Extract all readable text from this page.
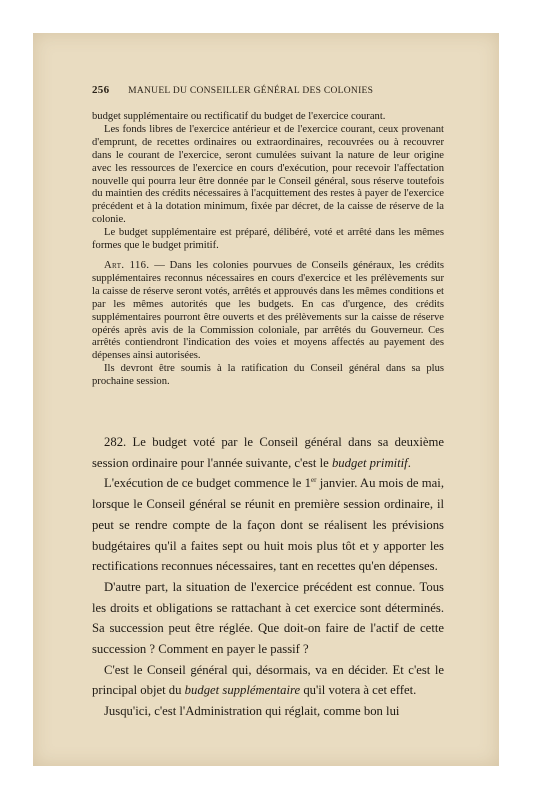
256 MANUEL DU CONSEILLER GÉNÉRAL DES COLONIES

budget supplémentaire ou rectificatif du budget de l'exercice courant.

Les fonds libres de l'exercice antérieur et de l'exercice courant, ceux provenant d'emprunt, de recettes ordinaires ou extraordinaires, recouvrées ou à recouvrer dans le courant de l'exercice, seront cumulées suivant la nature de leur origine avec les ressources de l'exercice en cours d'exécution, pour recevoir l'affectation nouvelle qui pourra leur être donnée par le Conseil général, sous réserve toutefois du maintien des crédits nécessaires à l'acquittement des restes à payer de l'exercice précédent et à la dotation minimum, fixée par décret, de la caisse de réserve de la colonie.

Le budget supplémentaire est préparé, délibéré, voté et arrêté dans les mêmes formes que le budget primitif.

Art. 116. — Dans les colonies pourvues de Conseils généraux, les crédits supplémentaires reconnus nécessaires en cours d'exercice et les prélèvements sur la caisse de réserve seront votés, arrêtés et approuvés dans les mêmes conditions et par les mêmes autorités que les budgets. En cas d'urgence, des crédits supplémentaires pourront être ouverts et des prélèvements sur la caisse de réserve opérés après avis de la Commission coloniale, par arrêtés du Gouverneur. Ces arrêtés contiendront l'indication des voies et moyens affectés au payement des dépenses ainsi autorisées.

Ils devront être soumis à la ratification du Conseil général dans sa plus prochaine session.

282. Le budget voté par le Conseil général dans sa deuxième session ordinaire pour l'année suivante, c'est le budget primitif.

L'exécution de ce budget commence le 1er janvier. Au mois de mai, lorsque le Conseil général se réunit en première session ordinaire, il peut se rendre compte de la façon dont se réalisent les prévisions budgétaires qu'il a faites sept ou huit mois plus tôt et y apporter les rectifications reconnues nécessaires, tant en recettes qu'en dépenses.

D'autre part, la situation de l'exercice précédent est connue. Tous les droits et obligations se rattachant à cet exercice sont déterminés. Sa succession peut être réglée. Que doit-on faire de l'actif de cette succession ? Comment en payer le passif ?

C'est le Conseil général qui, désormais, va en décider. Et c'est le principal objet du budget supplémentaire qu'il votera à cet effet.

Jusqu'ici, c'est l'Administration qui réglait, comme bon lui
